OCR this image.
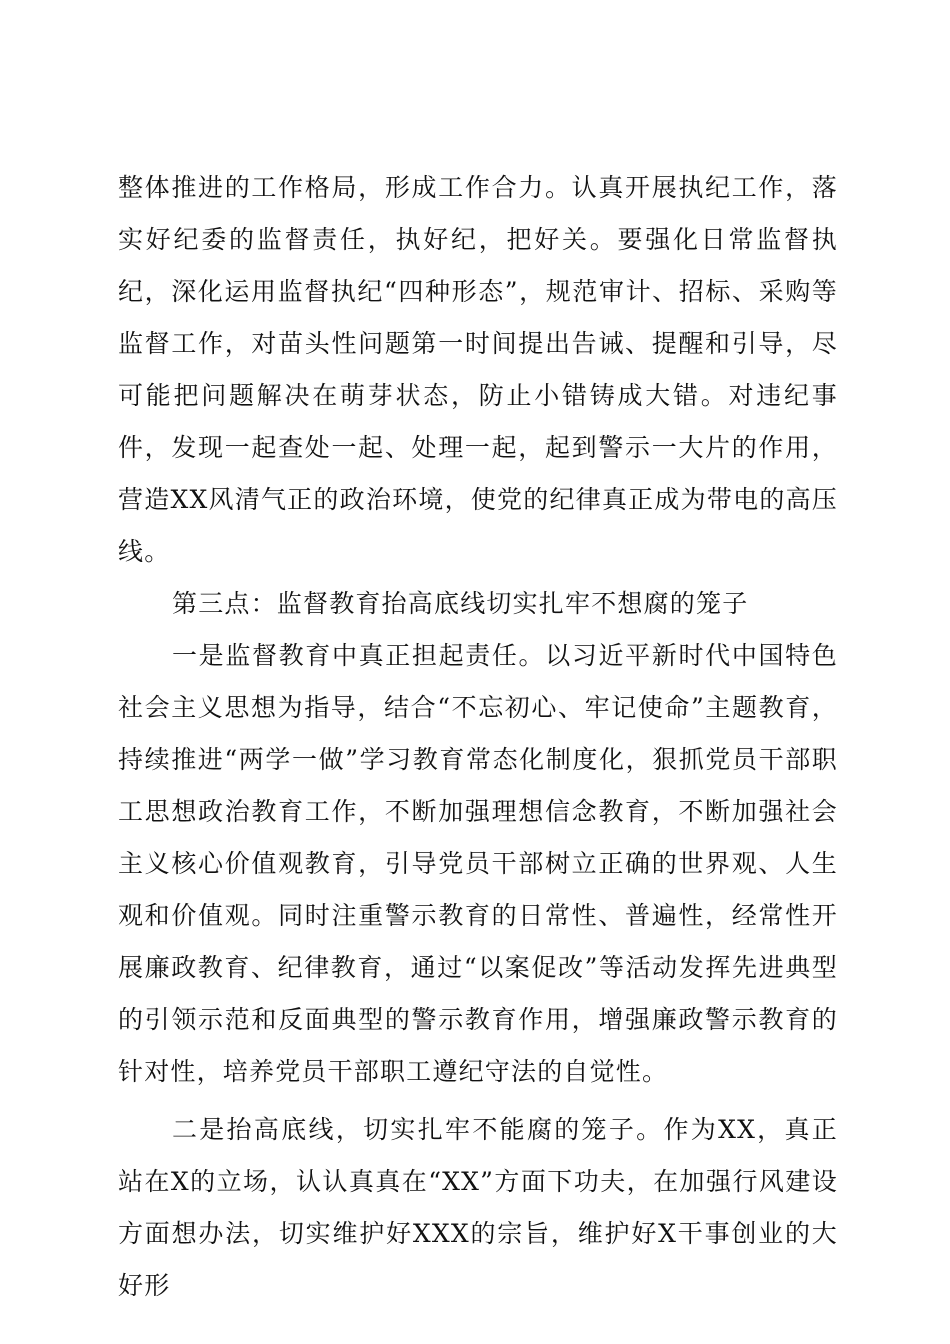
整体推进的工作格局，形成工作合力。认真开展执纪工作，落实好纪委的监督责任，执好纪，把好关。要强化日常监督执纪，深化运用监督执纪“四种形态”，规范审计、招标、采购等监督工作，对苗头性问题第一时间提出告诫、提醒和引导，尽可能把问题解决在萌芽状态，防止小错铸成大错。对违纪事件，发现一起查处一起、处理一起，起到警示一大片的作用，营造XX风清气正的政治环境，使党的纪律真正成为带电的高压线。

第三点：监督教育抬高底线切实扎牢不想腐的笼子

一是监督教育中真正担起责任。以习近平新时代中国特色社会主义思想为指导，结合“不忘初心、牢记使命”主题教育，持续推进“两学一做”学习教育常态化制度化，狠抓党员干部职工思想政治教育工作，不断加强理想信念教育，不断加强社会主义核心价值观教育，引导党员干部树立正确的世界观、人生观和价值观。同时注重警示教育的日常性、普遍性，经常性开展廉政教育、纪律教育，通过“以案促改”等活动发挥先进典型的引领示范和反面典型的警示教育作用，增强廉政警示教育的针对性，培养党员干部职工遵纪守法的自觉性。

二是抬高底线，切实扎牢不能腐的笼子。作为XX，真正站在X的立场，认认真真在“XX”方面下功夫，在加强行风建设方面想办法，切实维护好XXX的宗旨，维护好X干事创业的大好形
